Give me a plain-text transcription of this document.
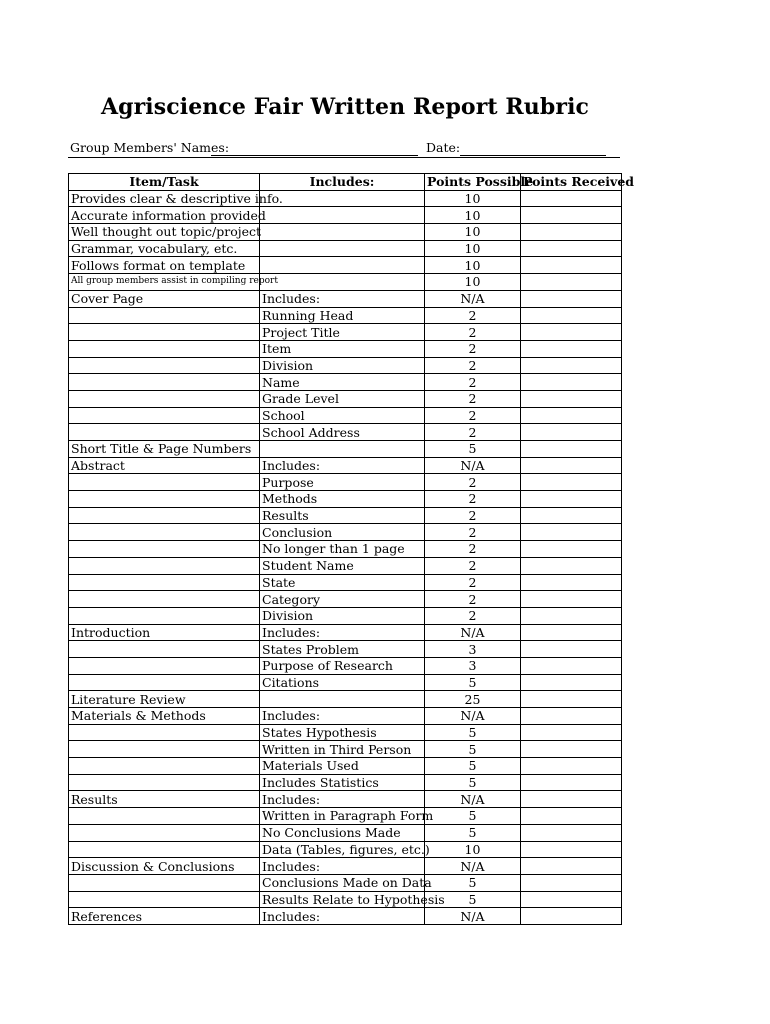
Agriscience Fair Written Report Rubric
Group Members' Names:	Date:
Item/Task	Includes:	Points Possible	Points Received
Provides clear & descriptive info.		10	
Accurate information provided		10	
Well thought out topic/project		10	
Grammar, vocabulary, etc.		10	
Follows format on template		10	
All group members assist in compiling report		10	
Cover Page	Includes:	N/A	
	Running Head	2	
	Project Title	2	
	Item	2	
	Division	2	
	Name	2	
	Grade Level	2	
	School	2	
	School Address	2	
Short Title & Page Numbers		5	
Abstract	Includes:	N/A	
	Purpose	2	
	Methods	2	
	Results	2	
	Conclusion	2	
	No longer than 1 page	2	
	Student Name	2	
	State	2	
	Category	2	
	Division	2	
Introduction	Includes:	N/A	
	States Problem	3	
	Purpose of Research	3	
	Citations	5	
Literature Review		25	
Materials & Methods	Includes:	N/A	
	States Hypothesis	5	
	Written in Third Person	5	
	Materials Used	5	
	Includes Statistics	5	
Results	Includes:	N/A	
	Written in Paragraph Form	5	
	No Conclusions Made	5	
	Data (Tables, figures, etc.)	10	
Discussion & Conclusions	Includes:	N/A	
	Conclusions Made on Data	5	
	Results Relate to Hypothesis	5	
References	Includes:	N/A	
